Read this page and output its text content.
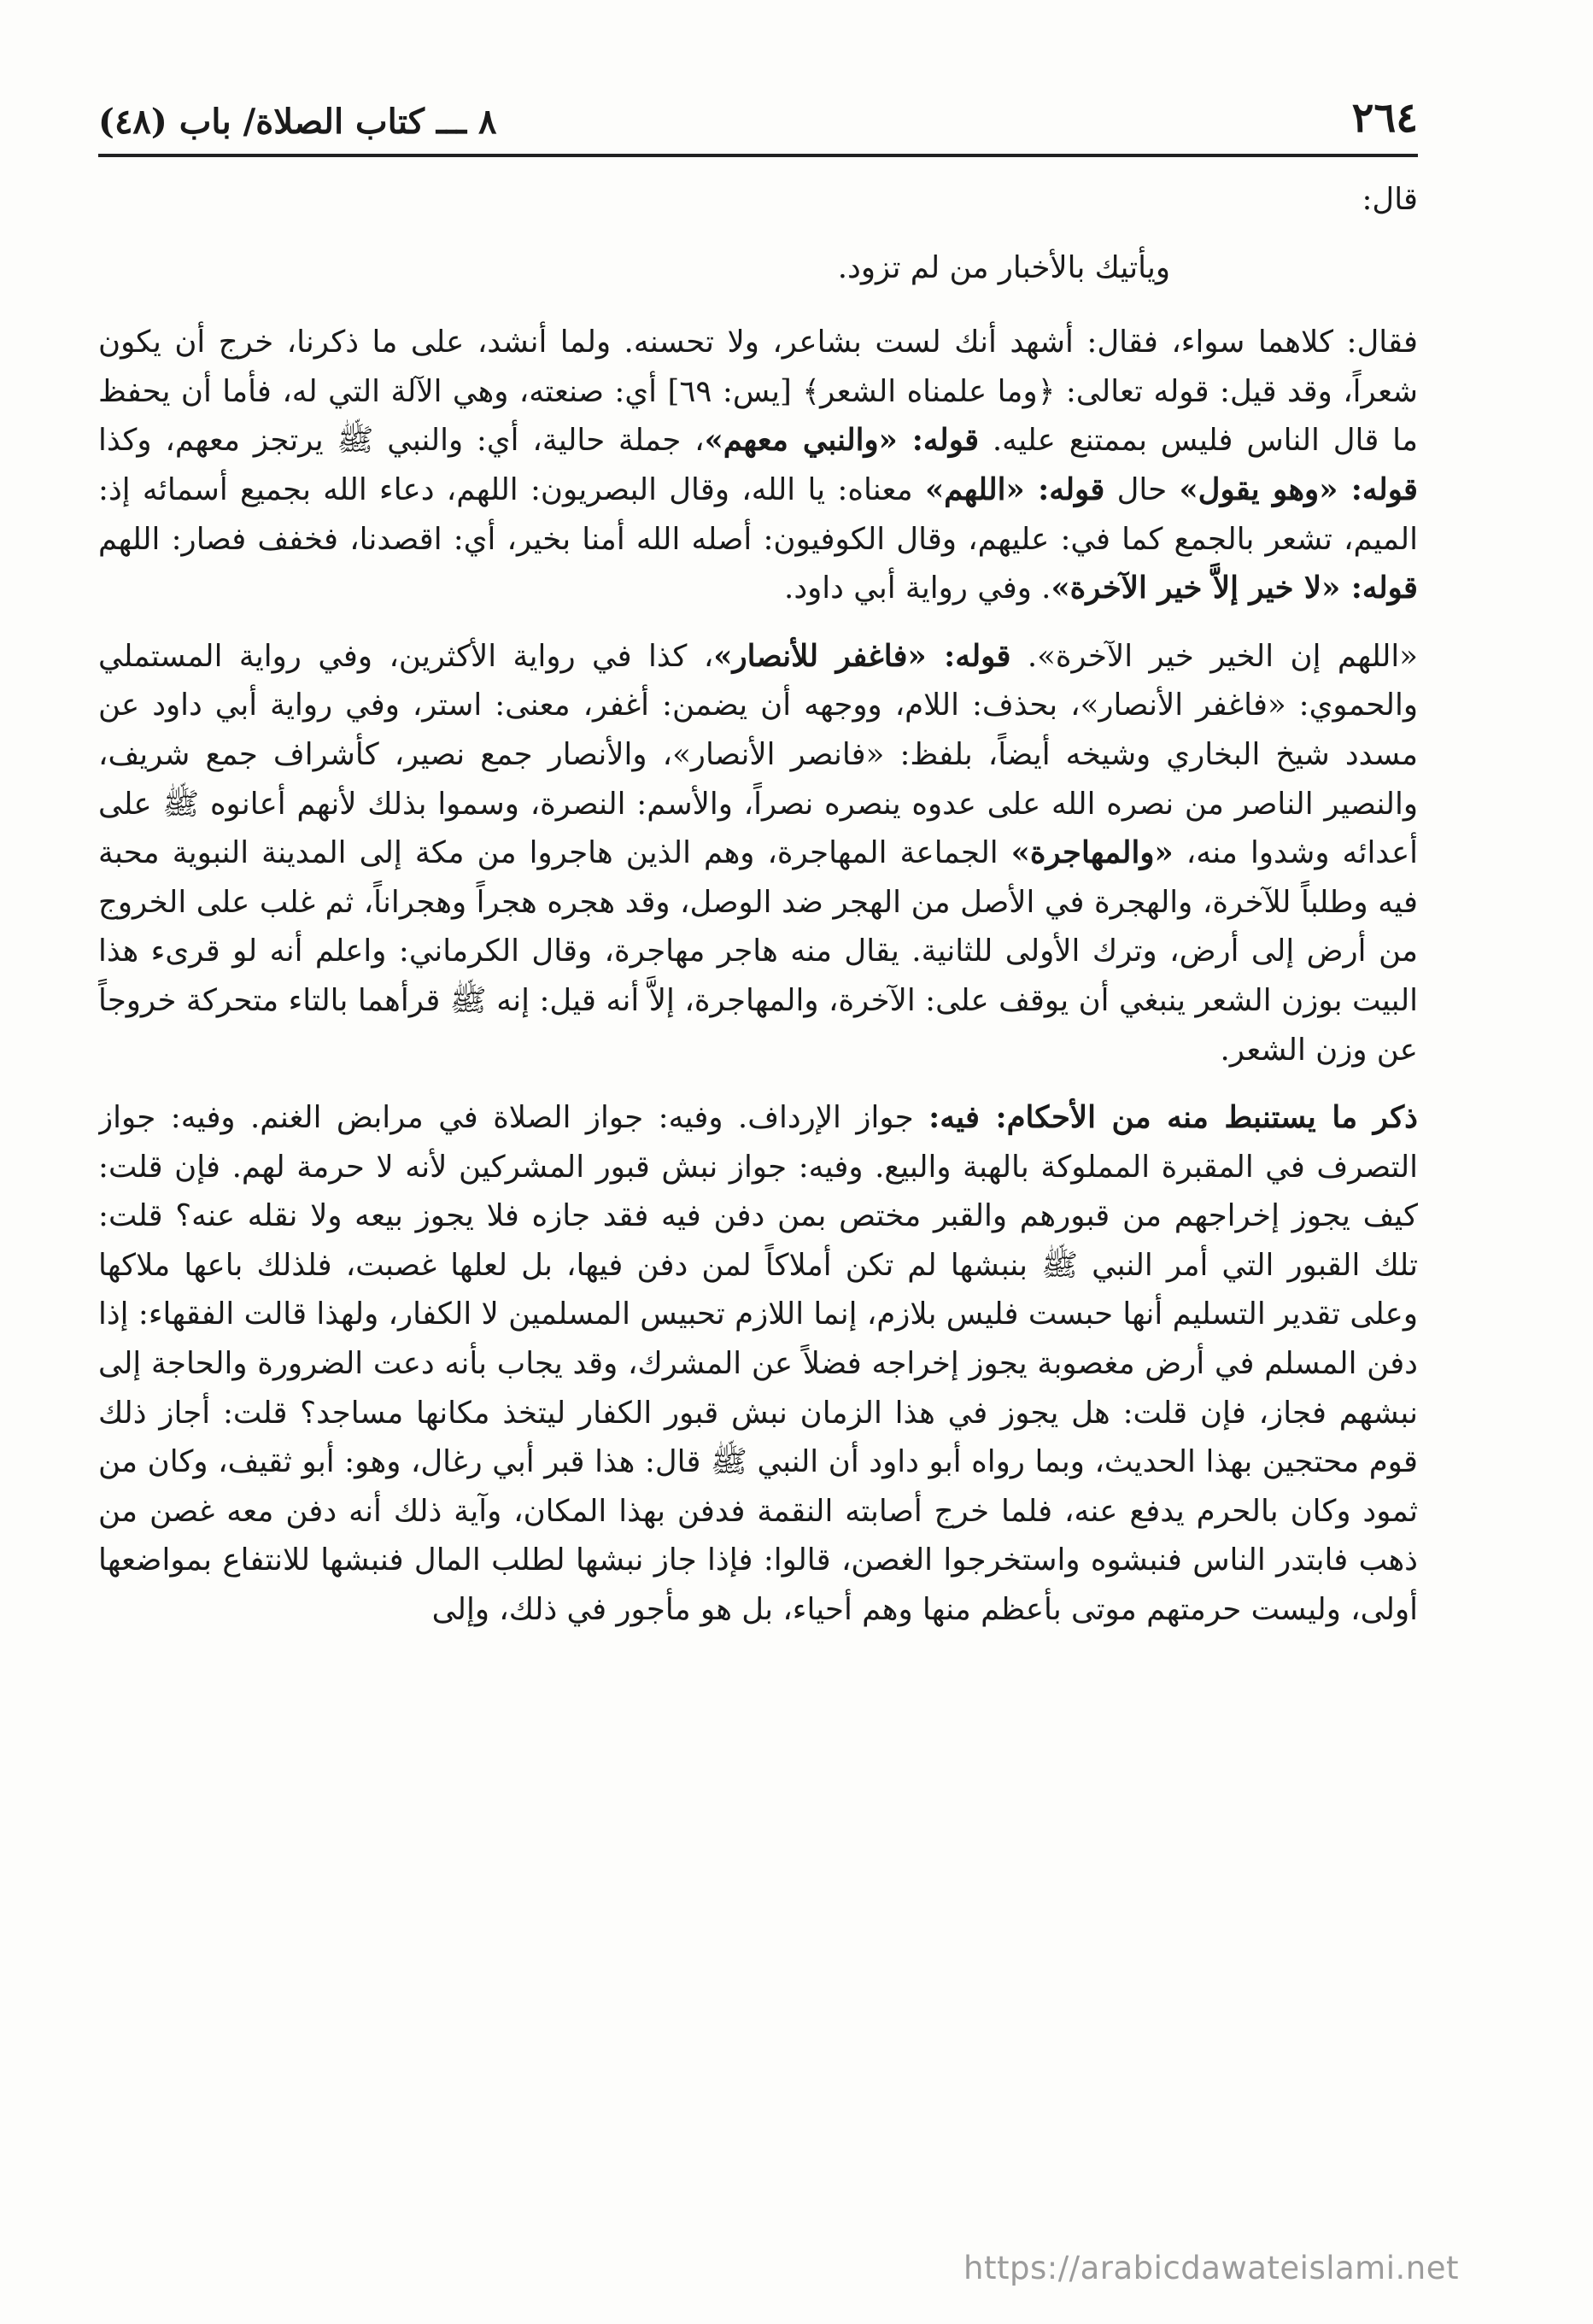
٢٦٤
٨ ـــ كتاب الصلاة/ باب (٤٨)

قال:

ويأتيك بالأخبار من لم تزود.

فقال: كلاهما سواء، فقال: أشهد أنك لست بشاعر، ولا تحسنه. ولما أنشد، على ما ذكرنا، خرج أن يكون شعراً، وقد قيل: قوله تعالى: ﴿وما علمناه الشعر﴾ [يس: ٦٩] أي: صنعته، وهي الآلة التي له، فأما أن يحفظ ما قال الناس فليس بممتنع عليه. قوله: «والنبي معهم»، جملة حالية، أي: والنبي ﷺ يرتجز معهم، وكذا قوله: «وهو يقول» حال قوله: «اللهم» معناه: يا الله، وقال البصريون: اللهم، دعاء الله بجميع أسمائه إذ: الميم، تشعر بالجمع كما في: عليهم، وقال الكوفيون: أصله الله أمنا بخير، أي: اقصدنا، فخفف فصار: اللهم قوله: «لا خير إلاَّ خير الآخرة». وفي رواية أبي داود.

«اللهم إن الخير خير الآخرة». قوله: «فاغفر للأنصار»، كذا في رواية الأكثرين، وفي رواية المستملي والحموي: «فاغفر الأنصار»، بحذف: اللام، ووجهه أن يضمن: أغفر، معنى: استر، وفي رواية أبي داود عن مسدد شيخ البخاري وشيخه أيضاً، بلفظ: «فانصر الأنصار»، والأنصار جمع نصير، كأشراف جمع شريف، والنصير الناصر من نصره الله على عدوه ينصره نصراً، والأسم: النصرة، وسموا بذلك لأنهم أعانوه ﷺ على أعدائه وشدوا منه، «والمهاجرة» الجماعة المهاجرة، وهم الذين هاجروا من مكة إلى المدينة النبوية محبة فيه وطلباً للآخرة، والهجرة في الأصل من الهجر ضد الوصل، وقد هجره هجراً وهجراناً، ثم غلب على الخروج من أرض إلى أرض، وترك الأولى للثانية. يقال منه هاجر مهاجرة، وقال الكرماني: واعلم أنه لو قرىء هذا البيت بوزن الشعر ينبغي أن يوقف على: الآخرة، والمهاجرة، إلاَّ أنه قيل: إنه ﷺ قرأهما بالتاء متحركة خروجاً عن وزن الشعر.

ذكر ما يستنبط منه من الأحكام: فيه: جواز الإرداف. وفيه: جواز الصلاة في مرابض الغنم. وفيه: جواز التصرف في المقبرة المملوكة بالهبة والبيع. وفيه: جواز نبش قبور المشركين لأنه لا حرمة لهم. فإن قلت: كيف يجوز إخراجهم من قبورهم والقبر مختص بمن دفن فيه فقد جازه فلا يجوز بيعه ولا نقله عنه؟ قلت: تلك القبور التي أمر النبي ﷺ بنبشها لم تكن أملاكاً لمن دفن فيها، بل لعلها غصبت، فلذلك باعها ملاكها وعلى تقدير التسليم أنها حبست فليس بلازم، إنما اللازم تحبيس المسلمين لا الكفار، ولهذا قالت الفقهاء: إذا دفن المسلم في أرض مغصوبة يجوز إخراجه فضلاً عن المشرك، وقد يجاب بأنه دعت الضرورة والحاجة إلى نبشهم فجاز، فإن قلت: هل يجوز في هذا الزمان نبش قبور الكفار ليتخذ مكانها مساجد؟ قلت: أجاز ذلك قوم محتجين بهذا الحديث، وبما رواه أبو داود أن النبي ﷺ قال: هذا قبر أبي رغال، وهو: أبو ثقيف، وكان من ثمود وكان بالحرم يدفع عنه، فلما خرج أصابته النقمة فدفن بهذا المكان، وآية ذلك أنه دفن معه غصن من ذهب فابتدر الناس فنبشوه واستخرجوا الغصن، قالوا: فإذا جاز نبشها لطلب المال فنبشها للانتفاع بمواضعها أولى، وليست حرمتهم موتى بأعظم منها وهم أحياء، بل هو مأجور في ذلك، وإلى

https://arabicdawateislami.net
